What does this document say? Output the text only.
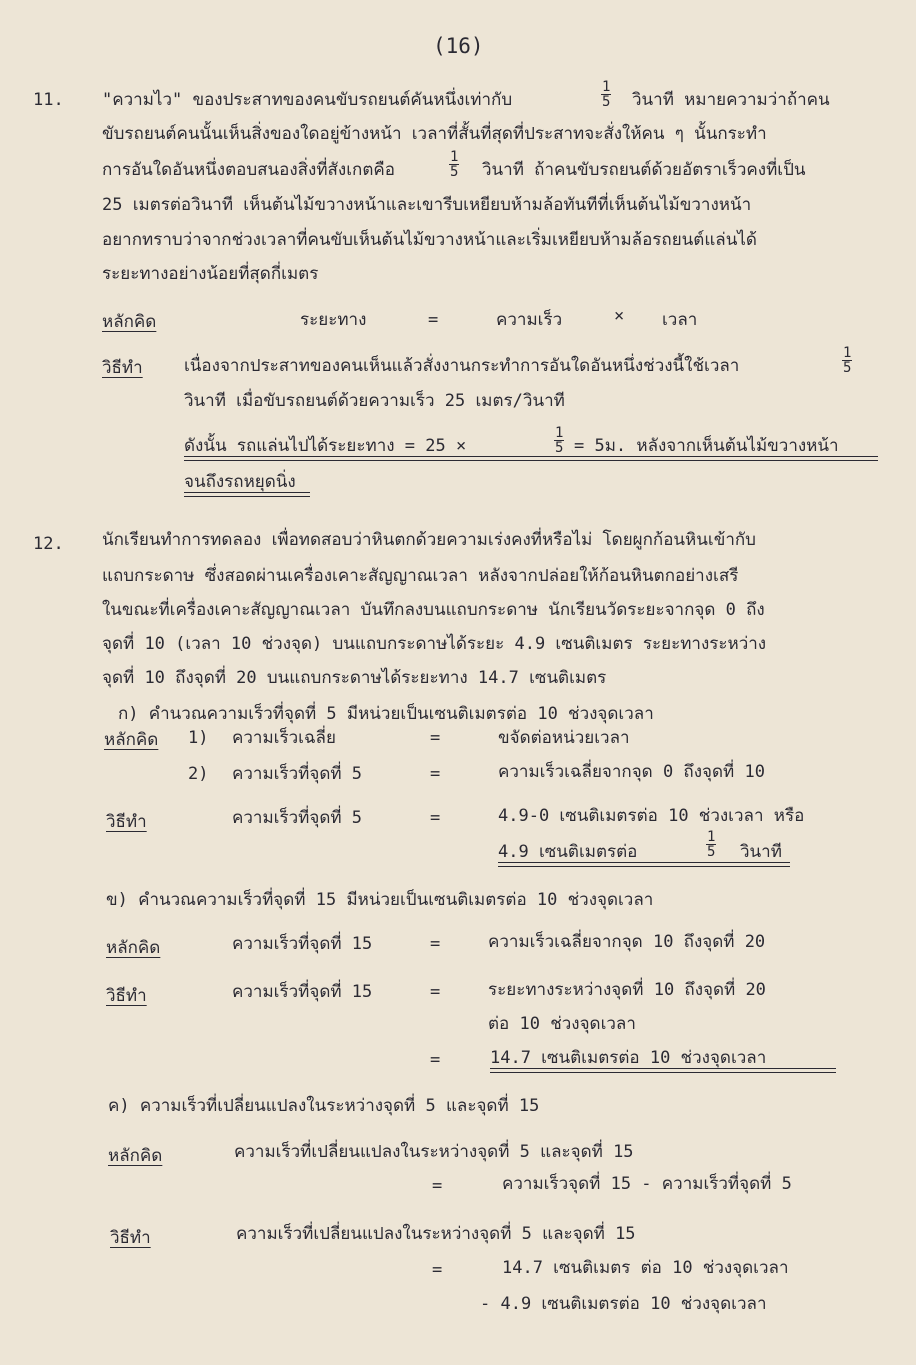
(16)
11. "ความไว" ของประสาทของคนขับรถยนต์คันหนึ่งเท่ากับ	$\frac{1}{5}$ วินาที หมายความว่าถ้าคน
ขับรถยนต์คนนั้นเห็นสิ่งของใดอยู่ข้างหน้า เวลาที่สั้นที่สุดที่ประสาทจะสั่งให้คน ๆ นั้นกระทำ
การอันใดอันหนึ่งตอบสนองสิ่งที่สังเกตคือ	$\frac{1}{5}$ วินาที ถ้าคนขับรถยนต์ด้วยอัตราเร็วคงที่เป็น
25 เมตรต่อวินาที เห็นต้นไม้ขวางหน้าและเขารีบเหยียบห้ามล้อทันทีที่เห็นต้นไม้ขวางหน้า
อยากทราบว่าจากช่วงเวลาที่คนขับเห็นต้นไม้ขวางหน้าและเริ่มเหยียบห้ามล้อรถยนต์แล่นได้
ระยะทางอย่างน้อยที่สุดกี่เมตร
หลักคิด	ระยะทาง	=	ความเร็ว	× เวลา
วิธีทำ เนื่องจากประสาทของคนเห็นแล้วสั่งงานกระทำการอันใดอันหนึ่งช่วงนี้ใช้เวลา	$\frac{1}{5}$
วินาที เมื่อขับรถยนต์ด้วยความเร็ว 25 เมตร/วินาที
ดังนั้น รถแล่นไปได้ระยะทาง = 25 ×	$\frac{1}{5} = 5$ม. หลังจากเห็นต้นไม้ขวางหน้า
จนถึงรถหยุดนิ่ง
12. นักเรียนทำการทดลอง เพื่อทดสอบว่าหินตกด้วยความเร่งคงที่หรือไม่ โดยผูกก้อนหินเข้ากับ
แถบกระดาษ ซึ่งสอดผ่านเครื่องเคาะสัญญาณเวลา หลังจากปล่อยให้ก้อนหินตกอย่างเสรี
ในขณะที่เครื่องเคาะสัญญาณเวลา บันทึกลงบนแถบกระดาษ นักเรียนวัดระยะจากจุด 0 ถึง
จุดที่ 10 (เวลา 10 ช่วงจุด) บนแถบกระดาษได้ระยะ 4.9 เซนติเมตร ระยะทางระหว่าง
จุดที่ 10 ถึงจุดที่ 20 บนแถบกระดาษได้ระยะทาง 14.7 เซนติเมตร
ก) คำนวณความเร็วที่จุดที่ 5 มีหน่วยเป็นเซนติเมตรต่อ 10 ช่วงจุดเวลา
หลักคิด 1) ความเร็วเฉลี่ย	=	ขจัดต่อหน่วยเวลา
2) ความเร็วที่จุดที่ 5	=	ความเร็วเฉลี่ยจากจุด 0 ถึงจุดที่ 10
วิธีทำ	ความเร็วที่จุดที่ 5	=	4.9-0 เซนติเมตรต่อ 10 ช่วงเวลา หรือ
4.9 เซนติเมตรต่อ	$\frac{1}{5}$ วินาที
ข) คำนวณความเร็วที่จุดที่ 15 มีหน่วยเป็นเซนติเมตรต่อ 10 ช่วงจุดเวลา
หลักคิด	ความเร็วที่จุดที่ 15	=	ความเร็วเฉลี่ยจากจุด 10 ถึงจุดที่ 20
วิธีทำ	ความเร็วที่จุดที่ 15	=	ระยะทางระหว่างจุดที่ 10 ถึงจุดที่ 20
ต่อ 10 ช่วงจุดเวลา
=	14.7 เซนติเมตรต่อ 10 ช่วงจุดเวลา
ค) ความเร็วที่เปลี่ยนแปลงในระหว่างจุดที่ 5 และจุดที่ 15
หลักคิด	ความเร็วที่เปลี่ยนแปลงในระหว่างจุดที่ 5 และจุดที่ 15
=	ความเร็วจุดที่ 15 - ความเร็วที่จุดที่ 5
วิธีทำ	ความเร็วที่เปลี่ยนแปลงในระหว่างจุดที่ 5 และจุดที่ 15
=	14.7 เซนติเมตร ต่อ 10 ช่วงจุดเวลา
- 4.9 เซนติเมตรต่อ 10 ช่วงจุดเวลา
